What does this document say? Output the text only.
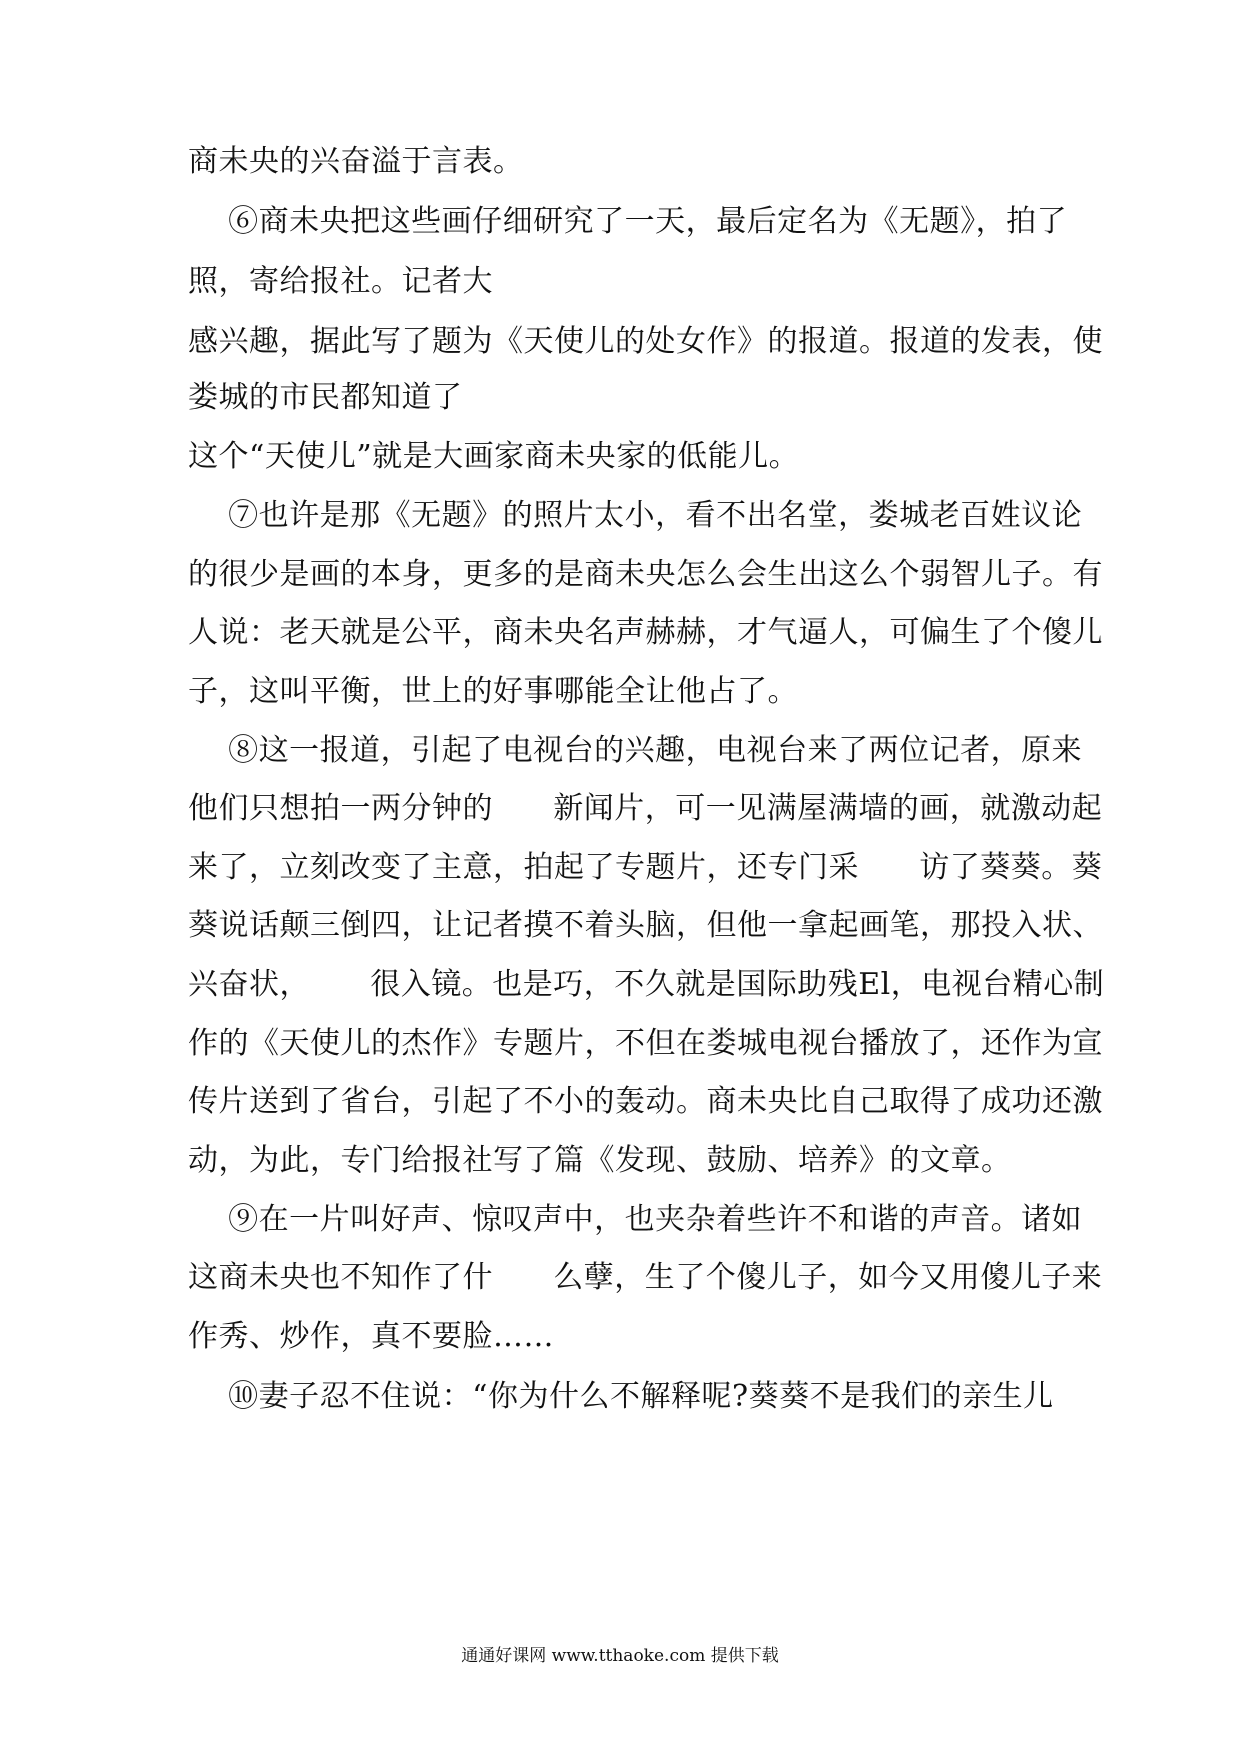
商未央的兴奋溢于言表。
⑥商未央把这些画仔细研究了一天，最后定名为《无题》，拍了
照，寄给报社。记者大
感兴趣，据此写了题为《天使儿的处女作》的报道。报道的发表，使
娄城的市民都知道了
这个“天使儿”就是大画家商未央家的低能儿。
⑦也许是那《无题》的照片太小，看不出名堂，娄城老百姓议论
的很少是画的本身，更多的是商未央怎么会生出这么个弱智儿子。有
人说：老天就是公平，商未央名声赫赫，才气逼人，可偏生了个傻儿
子，这叫平衡，世上的好事哪能全让他占了。
⑧这一报道，引起了电视台的兴趣，电视台来了两位记者，原来
他们只想拍一两分钟的      新闻片，可一见满屋满墙的画，就激动起
来了，立刻改变了主意，拍起了专题片，还专门采      访了葵葵。葵
葵说话颠三倒四，让记者摸不着头脑，但他一拿起画笔，那投入状、
兴奋状，      很入镜。也是巧，不久就是国际助残El，电视台精心制
作的《天使儿的杰作》专题片，不但在娄城电视台播放了，还作为宣
传片送到了省台，引起了不小的轰动。商未央比自己取得了成功还激
动，为此，专门给报社写了篇《发现、鼓励、培养》的文章。
⑨在一片叫好声、惊叹声中，也夹杂着些许不和谐的声音。诸如
这商未央也不知作了什      么孽，生了个傻儿子，如今又用傻儿子来
作秀、炒作，真不要脸……
⑩妻子忍不住说：“你为什么不解释呢?葵葵不是我们的亲生儿
通通好课网 www.tthaoke.com 提供下载
